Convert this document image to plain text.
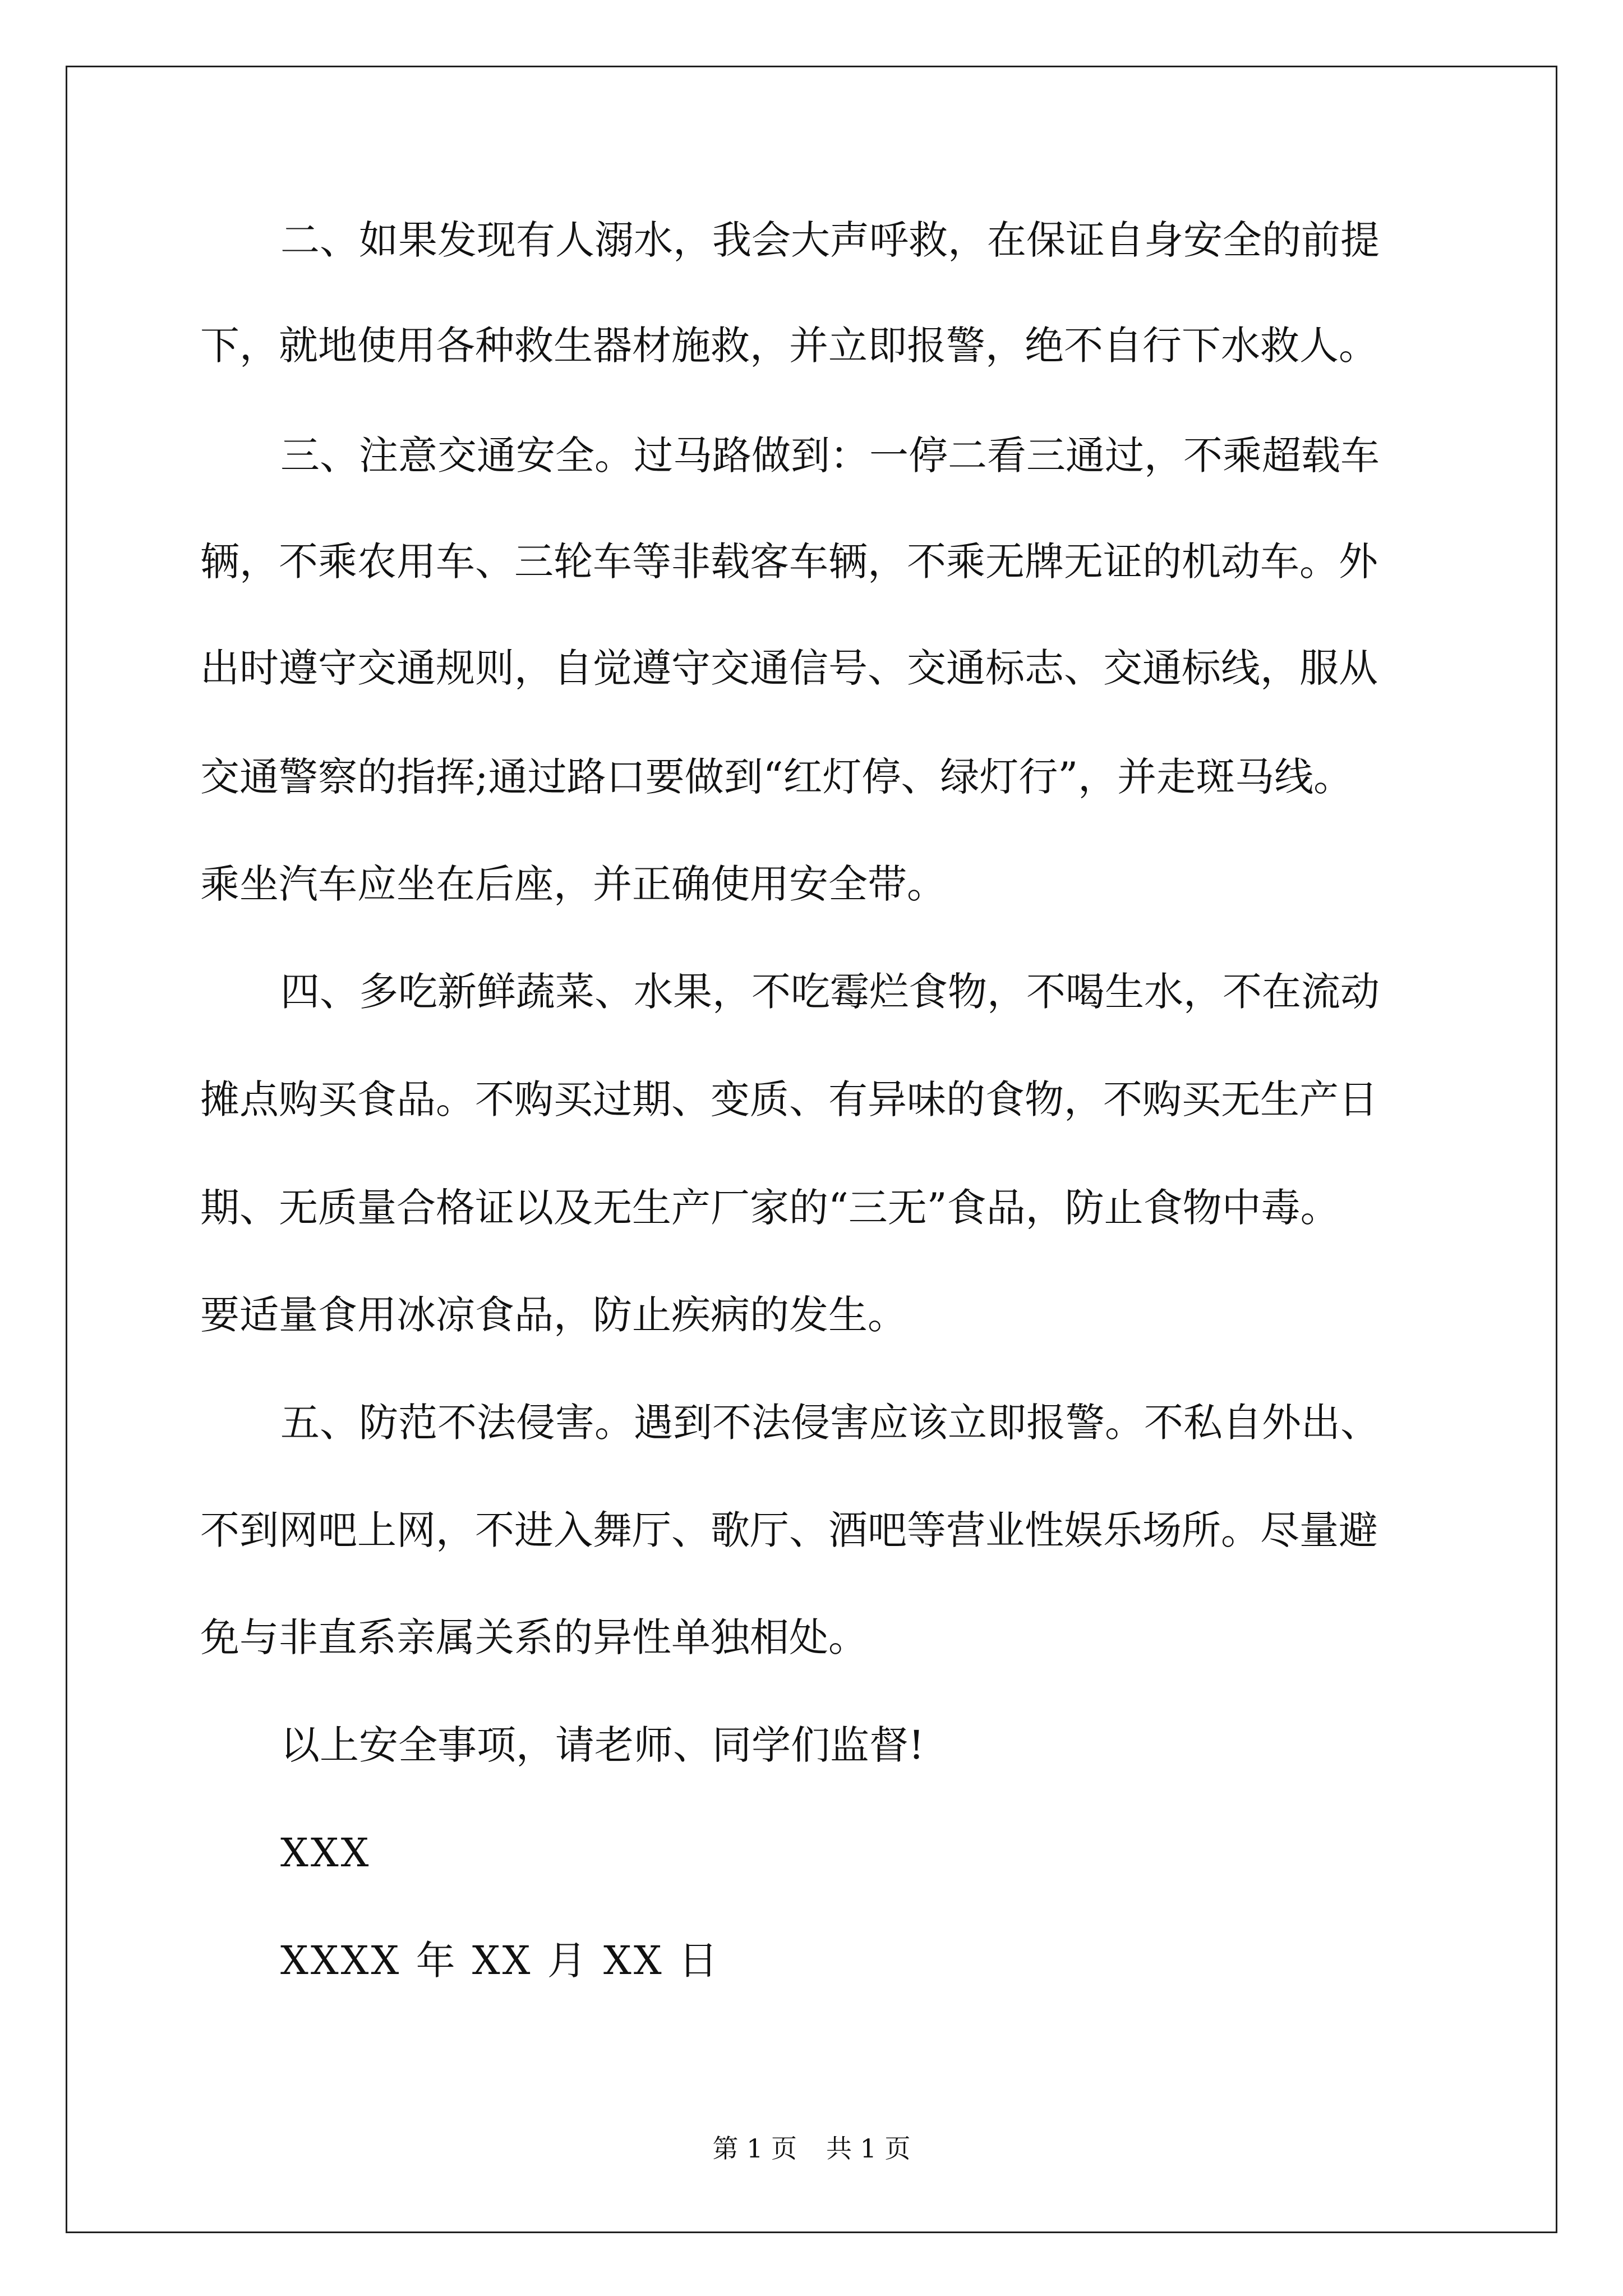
二、如果发现有人溺水，我会大声呼救，在保证自身安全的前提
下，就地使用各种救生器材施救，并立即报警，绝不自行下水救人。
三、注意交通安全。过马路做到：一停二看三通过，不乘超载车
辆，不乘农用车、三轮车等非载客车辆，不乘无牌无证的机动车。外
出时遵守交通规则，自觉遵守交通信号、交通标志、交通标线，服从
交通警察的指挥;通过路口要做到“红灯停、绿灯行”，并走斑马线。
乘坐汽车应坐在后座，并正确使用安全带。
四、多吃新鲜蔬菜、水果，不吃霉烂食物，不喝生水，不在流动
摊点购买食品。不购买过期、变质、有异味的食物，不购买无生产日
期、无质量合格证以及无生产厂家的“三无”食品，防止食物中毒。
要适量食用冰凉食品，防止疾病的发生。
五、防范不法侵害。遇到不法侵害应该立即报警。不私自外出、
不到网吧上网，不进入舞厅、歌厅、酒吧等营业性娱乐场所。尽量避
免与非直系亲属关系的异性单独相处。
以上安全事项，请老师、同学们监督!
XXX
XXXX 年 XX 月 XX 日
第 1 页 共 1 页
